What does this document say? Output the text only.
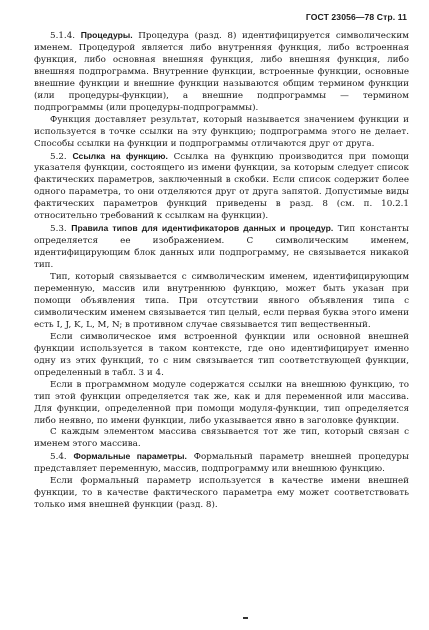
ГОСТ 23056—78 Стр. 11

5.1.4. Процедуры. Процедура (разд. 8) идентифицируется символическим именем. Процедурой является либо внутренняя функция, либо встроенная функция, либо основная внешняя функция, либо внешняя функция, либо внешняя подпрограмма. Внутренние функции, встроенные функции, основные внешние функции и внешние функции называются общим термином функции (или процедуры-функции), а внешние подпрограммы — термином подпрограммы (или процедуры-подпрограммы).

Функция доставляет результат, который называется значением функции и используется в точке ссылки на эту функцию; подпрограмма этого не делает. Способы ссылки на функции и подпрограммы отличаются друг от друга.

5.2. Ссылка на функцию. Ссылка на функцию производится при помощи указателя функции, состоящего из имени функции, за которым следует список фактических параметров, заключенный в скобки. Если список содержит более одного параметра, то они отделяются друг от друга запятой. Допустимые виды фактических параметров функций приведены в разд. 8 (см. п. 10.2.1 относительно требований к ссылкам на функции).

5.3. Правила типов для идентификаторов данных и процедур. Тип константы определяется ее изображением. С символическим именем, идентифицирующим блок данных или подпрограмму, не связывается никакой тип.

Тип, который связывается с символическим именем, идентифицирующим переменную, массив или внутреннюю функцию, может быть указан при помощи объявления типа. При отсутствии явного объявления типа с символическим именем связывается тип целый, если первая буква этого имени есть I, J, K, L, M, N; в противном случае связывается тип вещественный.

Если символическое имя встроенной функции или основной внешней функции используется в таком контексте, где оно идентифицирует именно одну из этих функций, то с ним связывается тип соответствующей функции, определенный в табл. 3 и 4.

Если в программном модуле содержатся ссылки на внешнюю функцию, то тип этой функции определяется так же, как и для переменной или массива. Для функции, определенной при помощи модуля-функции, тип определяется либо неявно, по имени функции, либо указывается явно в заголовке функции.

С каждым элементом массива связывается тот же тип, который связан с именем этого массива.

5.4. Формальные параметры. Формальный параметр внешней процедуры представляет переменную, массив, подпрограмму или внешнюю функцию.

Если формальный параметр используется в качестве имени внешней функции, то в качестве фактического параметра ему может соответствовать только имя внешней функции (разд. 8).
